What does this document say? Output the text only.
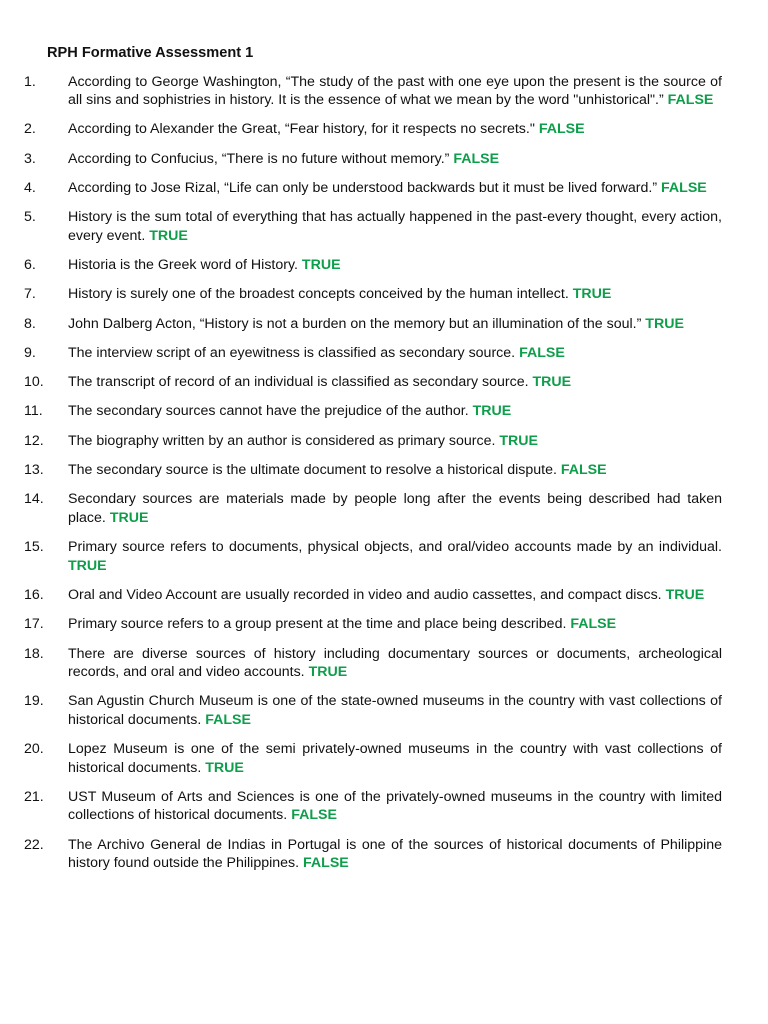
RPH Formative Assessment 1
1.	According to George Washington, “The study of the past with one eye upon the present is the source of all sins and sophistries in history. It is the essence of what we mean by the word "unhistorical".” FALSE
2.	According to Alexander the Great, “Fear history, for it respects no secrets." FALSE
3.	According to Confucius, “There is no future without memory.” FALSE
4.	According to Jose Rizal, “Life can only be understood backwards but it must be lived forward.” FALSE
5.	History is the sum total of everything that has actually happened in the past-every thought, every action, every event. TRUE
6.	Historia is the Greek word of History. TRUE
7.	History is surely one of the broadest concepts conceived by the human intellect. TRUE
8.	John Dalberg Acton, “History is not a burden on the memory but an illumination of the soul.” TRUE
9.	The interview script of an eyewitness is classified as secondary source. FALSE
10.	The transcript of record of an individual is classified as secondary source. TRUE
11.	The secondary sources cannot have the prejudice of the author. TRUE
12.	The biography written by an author is considered as primary source. TRUE
13.	The secondary source is the ultimate document to resolve a historical dispute. FALSE
14.	Secondary sources are materials made by people long after the events being described had taken place. TRUE
15.	Primary source refers to documents, physical objects, and oral/video accounts made by an individual. TRUE
16.	Oral and Video Account are usually recorded in video and audio cassettes, and compact discs. TRUE
17.	Primary source refers to a group present at the time and place being described. FALSE
18.	There are diverse sources of history including documentary sources or documents, archeological records, and oral and video accounts. TRUE
19.	San Agustin Church Museum is one of the state-owned museums in the country with vast collections of historical documents. FALSE
20.	Lopez Museum is one of the semi privately-owned museums in the country with vast collections of historical documents. TRUE
21.	UST Museum of Arts and Sciences is one of the privately-owned museums in the country with limited collections of historical documents. FALSE
22.	The Archivo General de Indias in Portugal is one of the sources of historical documents of Philippine history found outside the Philippines. FALSE
